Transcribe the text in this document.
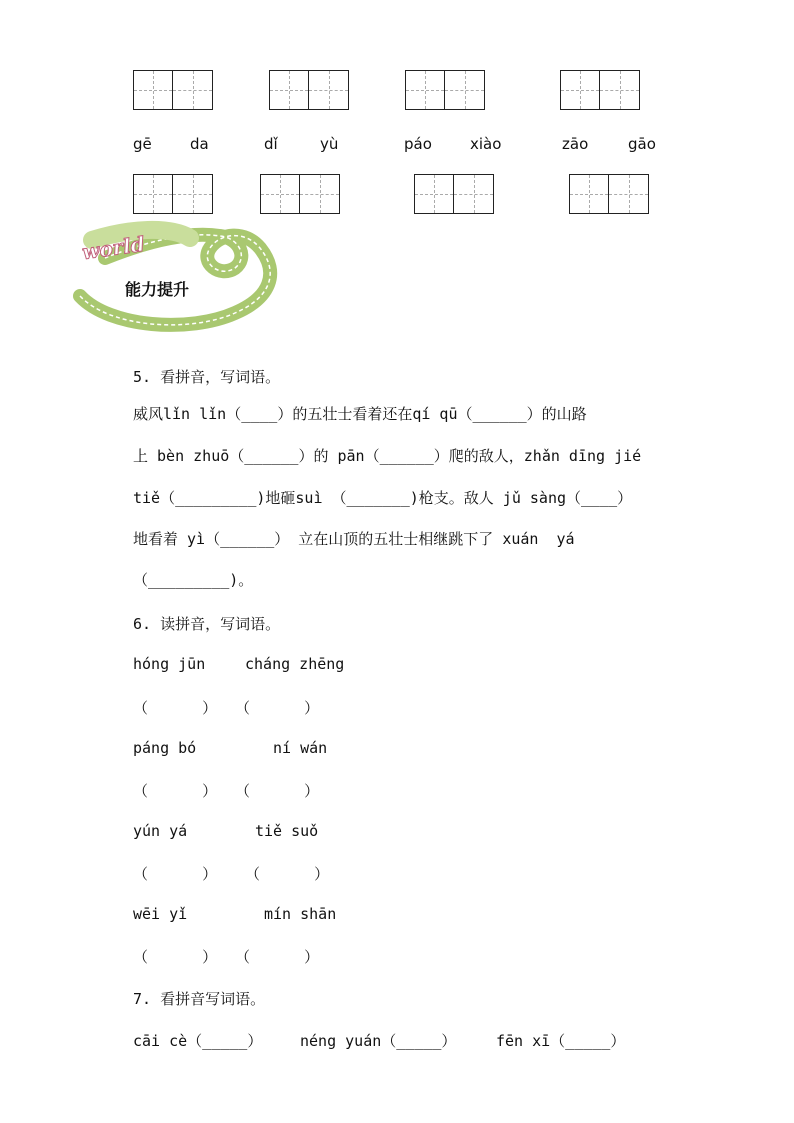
gē	da	dǐ	yù	páo	xiào	zāo	gāo
world
能力提升
5. 看拼音，写词语。
威风lǐn lǐn（____）的五壮士看着还在qí qū（______）的山路
上 bèn zhuō（______）的 pān（______）爬的敌人，zhǎn dīng jié
tiě（_________)地砸suì （_______)枪支。敌人 jǔ sàng（____）
地看着 yì（______） 立在山顶的五壮士相继跳下了 xuán  yá
（_________)。
6. 读拼音，写词语。
hóng jūn	cháng zhēng
（      ） （      ）
páng bó	ní wán
（      ） （      ）
yún yá	tiě suǒ
（      ） （      ）
wēi yǐ	mín shān
（      ） （      ）
7. 看拼音写词语。
cāi cè（_____）	néng yuán（_____）	fēn xī（_____）
